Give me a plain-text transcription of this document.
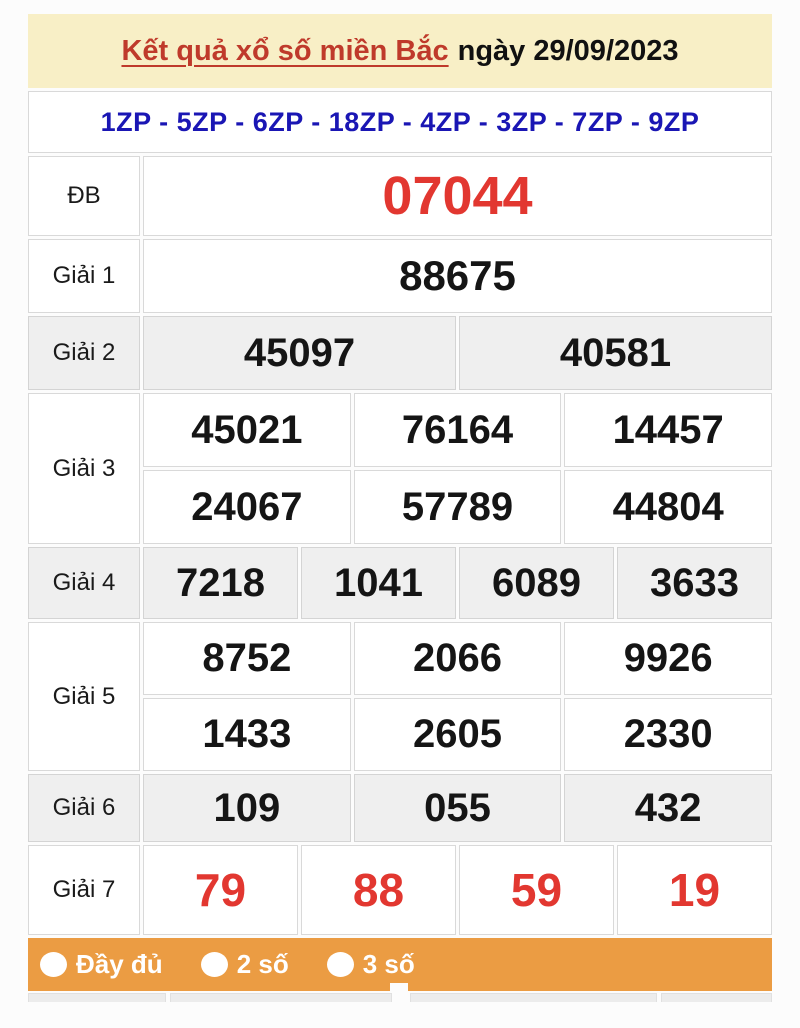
Kết quả xổ số miền Bắc ngày 29/09/2023
1ZP - 5ZP - 6ZP - 18ZP - 4ZP - 3ZP - 7ZP - 9ZP
ĐB	07044
Giải 1	88675
Giải 2	45097	40581
Giải 3
45021	76164	14457
24067	57789	44804
Giải 4	7218	1041	6089	3633
Giải 5
8752	2066	9926
1433	2605	2330
Giải 6	109	055	432
Giải 7	79	88	59	19
Đầy đủ	2 số	3 số
